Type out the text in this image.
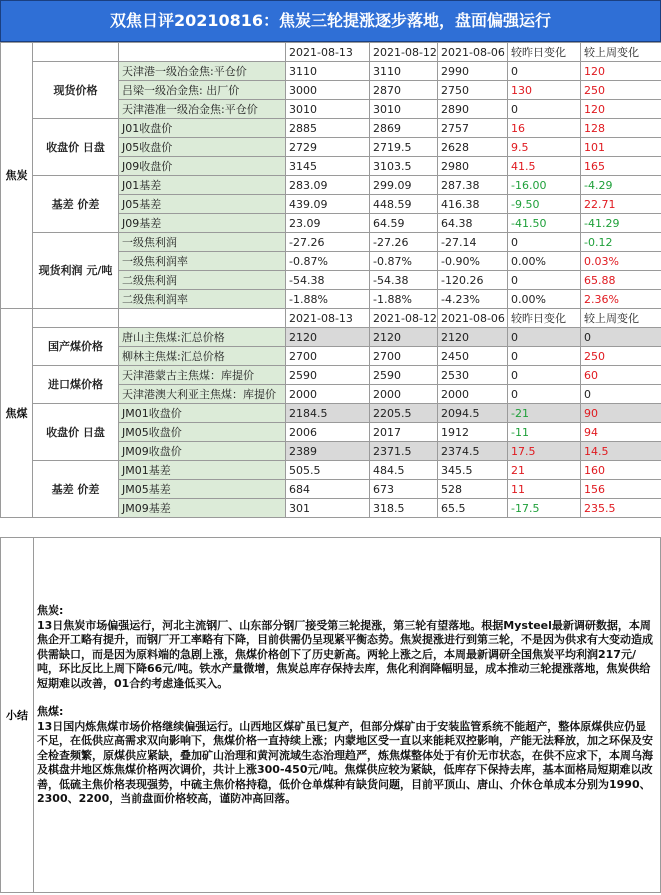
双焦日评20210816：焦炭三轮提涨逐步落地，盘面偏强运行
焦炭			2021-08-13	2021-08-12	2021-08-06	较昨日变化	较上周变化
	现货价格	天津港一级冶金焦:平仓价	3110	3110	2990	0	120
		吕梁一级冶金焦: 出厂价	3000	2870	2750	130	250
		天津港准一级冶金焦:平仓价	3010	3010	2890	0	120
	收盘价 日盘	J01收盘价	2885	2869	2757	16	128
		J05收盘价	2729	2719.5	2628	9.5	101
		J09收盘价	3145	3103.5	2980	41.5	165
	基差 价差	J01基差	283.09	299.09	287.38	-16.00	-4.29
		J05基差	439.09	448.59	416.38	-9.50	22.71
		J09基差	23.09	64.59	64.38	-41.50	-41.29
	现货利润 元/吨	一级焦利润	-27.26	-27.26	-27.14	0	-0.12
		一级焦利润率	-0.87%	-0.87%	-0.90%	0.00%	0.03%
		二级焦利润	-54.38	-54.38	-120.26	0	65.88
		二级焦利润率	-1.88%	-1.88%	-4.23%	0.00%	2.36%
焦煤			2021-08-13	2021-08-12	2021-08-06	较昨日变化	较上周变化
	国产煤价格	唐山主焦煤:汇总价格	2120	2120	2120	0	0
		柳林主焦煤:汇总价格	2700	2700	2450	0	250
	进口煤价格	天津港蒙古主焦煤：库提价	2590	2590	2530	0	60
		天津港澳大利亚主焦煤：库提价	2000	2000	2000	0	0
	收盘价 日盘	JM01收盘价	2184.5	2205.5	2094.5	-21	90
		JM05收盘价	2006	2017	1912	-11	94
		JM09收盘价	2389	2371.5	2374.5	17.5	14.5
	基差 价差	JM01基差	505.5	484.5	345.5	21	160
		JM05基差	684	673	528	11	156
		JM09基差	301	318.5	65.5	-17.5	235.5
小结

焦炭:

13日焦炭市场偏强运行，河北主流钢厂、山东部分钢厂接受第三轮提涨，第三轮有望落地。根据Mysteel最新调研数据，本周焦企开工略有提升，而钢厂开工率略有下降，目前供需仍呈现紧平衡态势。焦炭提涨进行到第三轮，不是因为供求有大变动造成供需缺口，而是因为原料端的急剧上涨，焦煤价格创下了历史新高。两轮上涨之后，本周最新调研全国焦炭平均利润217元/吨，环比反比上周下降66元/吨。铁水产量微增，焦炭总库存保持去库，焦化利润降幅明显，成本推动三轮提涨落地，焦炭供给短期难以改善，01合约考虑逢低买入。

焦煤:

13日国内炼焦煤市场价格继续偏强运行。山西地区煤矿虽已复产，但部分煤矿由于安装监管系统不能超产，整体原煤供应仍显不足，在低供应高需求双向影响下，焦煤价格一直持续上涨；内蒙地区受一直以来能耗双控影响，产能无法释放，加之环保及安全检查频繁，原煤供应紧缺，叠加矿山治理和黄河流域生态治理趋严，炼焦煤整体处于有价无市状态，在供不应求下，本周乌海及棋盘井地区炼焦煤价格两次调价，共计上涨300-450元/吨。焦煤供应较为紧缺，低库存下保持去库，基本面格局短期难以改善，低硫主焦价格表现强势，中硫主焦价格持稳，低价仓单煤种有缺货问题，目前平顶山、唐山、介休仓单成本分别为1990、2300、2200，当前盘面价格较高，谨防冲高回落。
